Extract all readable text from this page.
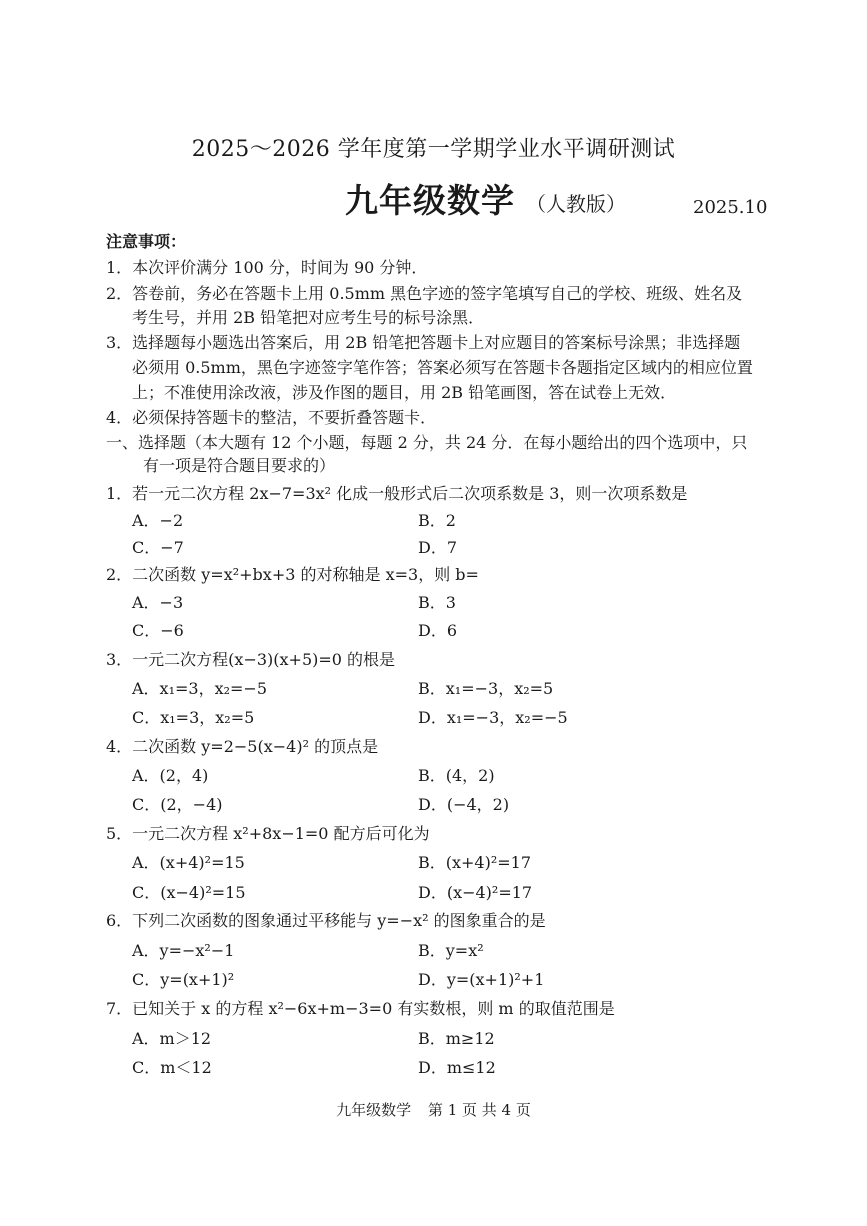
2025～2026 学年度第一学期学业水平调研测试
九年级数学 （人教版）	2025.10
注意事项：
1．本次评价满分 100 分，时间为 90 分钟．
2．答卷前，务必在答题卡上用 0.5mm 黑色字迹的签字笔填写自己的学校、班级、姓名及
考生号，并用 2B 铅笔把对应考生号的标号涂黑．
3．选择题每小题选出答案后，用 2B 铅笔把答题卡上对应题目的答案标号涂黑；非选择题
必须用 0.5mm，黑色字迹签字笔作答；答案必须写在答题卡各题指定区域内的相应位置
上；不准使用涂改液，涉及作图的题目，用 2B 铅笔画图，答在试卷上无效．
4．必须保持答题卡的整洁，不要折叠答题卡．
一、选择题（本大题有 12 个小题，每题 2 分，共 24 分．在每小题给出的四个选项中，只
有一项是符合题目要求的）
1．若一元二次方程 2x−7=3x² 化成一般形式后二次项系数是 3，则一次项系数是
A．−2	B．2
C．−7	D．7
2．二次函数 y=x²+bx+3 的对称轴是 x=3，则 b=
A．−3	B．3
C．−6	D．6
3．一元二次方程(x−3)(x+5)=0 的根是
A．x₁=3，x₂=−5	B．x₁=−3，x₂=5
C．x₁=3，x₂=5	D．x₁=−3，x₂=−5
4．二次函数 y=2−5(x−4)² 的顶点是
A．(2，4)	B．(4，2)
C．(2，−4)	D．(−4，2)
5．一元二次方程 x²+8x−1=0 配方后可化为
A．(x+4)²=15	B．(x+4)²=17
C．(x−4)²=15	D．(x−4)²=17
6．下列二次函数的图象通过平移能与 y=−x² 的图象重合的是
A．y=−x²−1	B．y=x²
C．y=(x+1)²	D．y=(x+1)²+1
7．已知关于 x 的方程 x²−6x+m−3=0 有实数根，则 m 的取值范围是
A．m＞12	B．m≥12
C．m＜12	D．m≤12
九年级数学 第 1 页 共 4 页
